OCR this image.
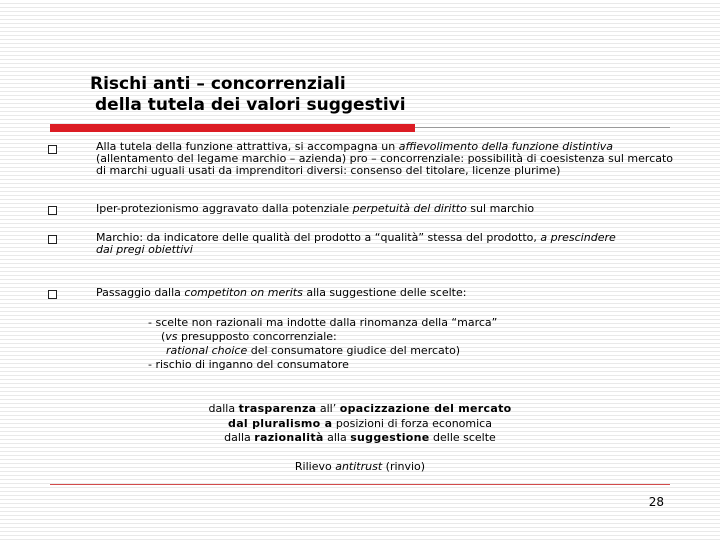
Rischi anti – concorrenziali
della tutela dei valori suggestivi
Alla tutela della funzione attrattiva, si accompagna un affievolimento della funzione distintiva
(allentamento del legame marchio – azienda) pro – concorrenziale: possibilità di coesistenza sul mercato di marchi uguali usati da imprenditori diversi: consenso del titolare, licenze plurime)
Iper-protezionismo aggravato dalla potenziale perpetuità del diritto sul marchio
Marchio: da indicatore delle qualità del prodotto a “qualità” stessa del prodotto, a prescindere
dai pregi obiettivi
Passaggio dalla competiton on merits alla suggestione delle scelte:
- scelte non razionali ma indotte dalla rinomanza della “marca”
(vs presupposto concorrenziale:
rational choice del consumatore giudice del mercato)
- rischio di inganno del consumatore
dalla trasparenza all’ opacizzazione del mercato
dal pluralismo a posizioni di forza economica
dalla razionalità alla suggestione delle scelte
Rilievo antitrust (rinvio)
28
